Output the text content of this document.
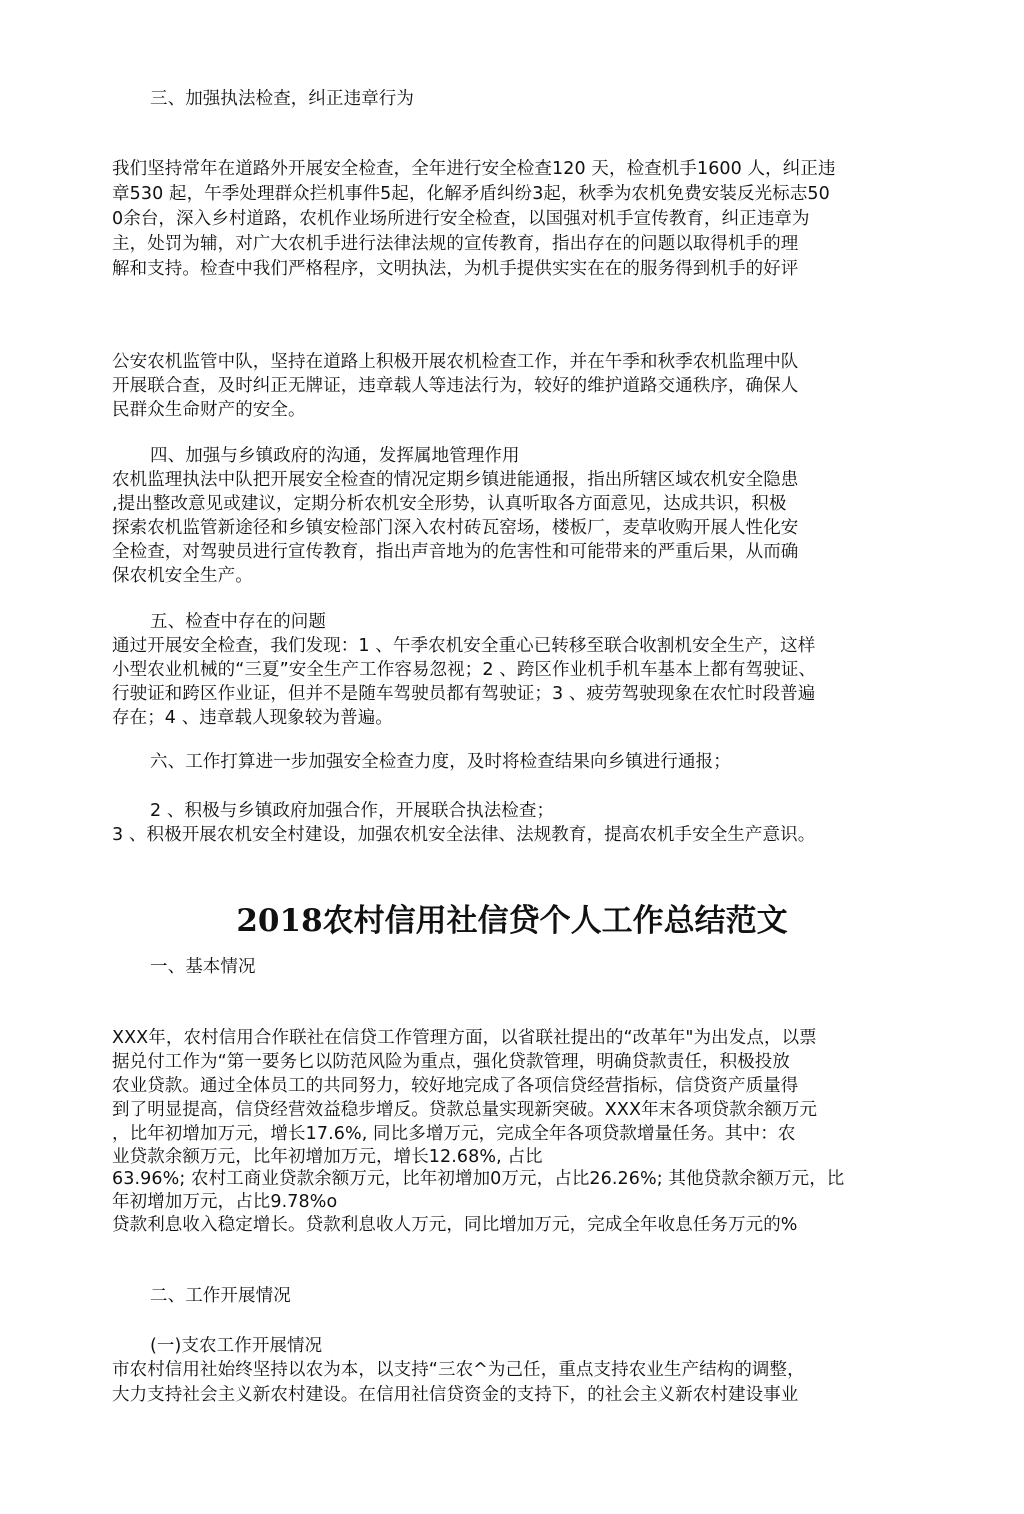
三、加强执法检查，纠正违章行为

我们坚持常年在道路外开展安全检查，全年进行安全检查120 天，检查机手1600 人，纠正违

章530 起，午季处理群众拦机事件5起，化解矛盾纠纷3起，秋季为农机免费安装反光标志50

0余台，深入乡村道路，农机作业场所进行安全检查，以国强对机手宣传教育，纠正违章为

主，处罚为辅，对广大农机手进行法律法规的宣传教育，指出存在的问题以取得机手的理

解和支持。检查中我们严格程序，文明执法，为机手提供实实在在的服务得到机手的好评

公安农机监管中队，坚持在道路上积极开展农机检查工作，并在午季和秋季农机监理中队

开展联合查，及时纠正无牌证，违章载人等违法行为，较好的维护道路交通秩序，确保人

民群众生命财产的安全。

四、加强与乡镇政府的沟通，发挥属地管理作用

农机监理执法中队把开展安全检查的情况定期乡镇进能通报，指出所辖区域农机安全隐患

,提出整改意见或建议，定期分析农机安全形势，认真听取各方面意见，达成共识，积极

探索农机监管新途径和乡镇安检部门深入农村砖瓦窑场，楼板厂，麦草收购开展人性化安

全检查，对驾驶员进行宣传教育，指出声音地为的危害性和可能带来的严重后果，从而确

保农机安全生产。

五、检查中存在的问题

通过开展安全检查，我们发现：1 、午季农机安全重心已转移至联合收割机安全生产，这样

小型农业机械的“三夏”安全生产工作容易忽视；2 、跨区作业机手机车基本上都有驾驶证、

行驶证和跨区作业证，但并不是随车驾驶员都有驾驶证；3 、疲劳驾驶现象在农忙时段普遍

存在；4 、违章载人现象较为普遍。

六、工作打算进一步加强安全检查力度，及时将检查结果向乡镇进行通报；

2 、积极与乡镇政府加强合作，开展联合执法检查；

3 、积极开展农机安全村建设，加强农机安全法律、法规教育，提高农机手安全生产意识。

2018农村信用社信贷个人工作总结范文

一、基本情况

XXX年，农村信用合作联社在信贷工作管理方面，以省联社提出的“改革年"为出发点，以票

据兑付工作为“第一要务匕以防范风险为重点，强化贷款管理，明确贷款责任，积极投放

农业贷款。通过全体员工的共同努力，较好地完成了各项信贷经营指标，信贷资产质量得

到了明显提高，信贷经营效益稳步增反。贷款总量实现新突破。XXX年末各项贷款余额万元

，比年初增加万元，增长17.6%, 同比多增万元，完成全年各项贷款增量任务。其中：农

业贷款余额万元，比年初增加万元，增长12.68%, 占比

63.96%; 农村工商业贷款余额万元，比年初增加0万元，占比26.26%; 其他贷款余额万元，比

年初增加万元，占比9.78%o

贷款利息收入稳定增长。贷款利息收人万元，同比增加万元，完成全年收息任务万元的%

二、工作开展情况

(一)支农工作开展情况

市农村信用社始终坚持以农为本，以支持“三农^为己任，重点支持农业生产结构的调整，

大力支持社会主义新农村建设。在信用社信贷资金的支持下，的社会主义新农村建设事业
